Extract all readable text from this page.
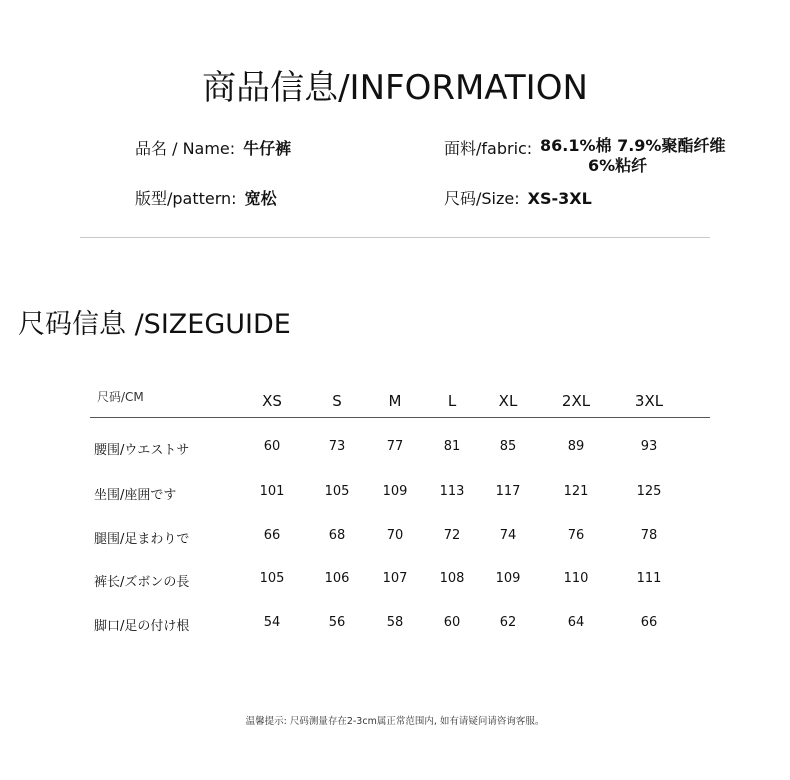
商品信息/INFORMATION
品名 / Name: 牛仔裤	面料/fabric: 86.1%棉 7.9%聚酯纤维
6%粘纤
版型/pattern: 宽松	尺码/Size: XS-3XL
尺码信息 /SIZEGUIDE
尺码/CM	XS	S	M	L	XL	2XL	3XL
腰围/ウエストサ	60	73	77	81	85	89	93
坐围/座囲です	101	105	109	113	117	121	125
腿围/足まわりで	66	68	70	72	74	76	78
裤长/ズボンの長	105	106	107	108	109	110	111
脚口/足の付け根	54	56	58	60	62	64	66
温馨提示: 尺码测量存在2-3cm属正常范围内, 如有请疑问请咨询客服。
